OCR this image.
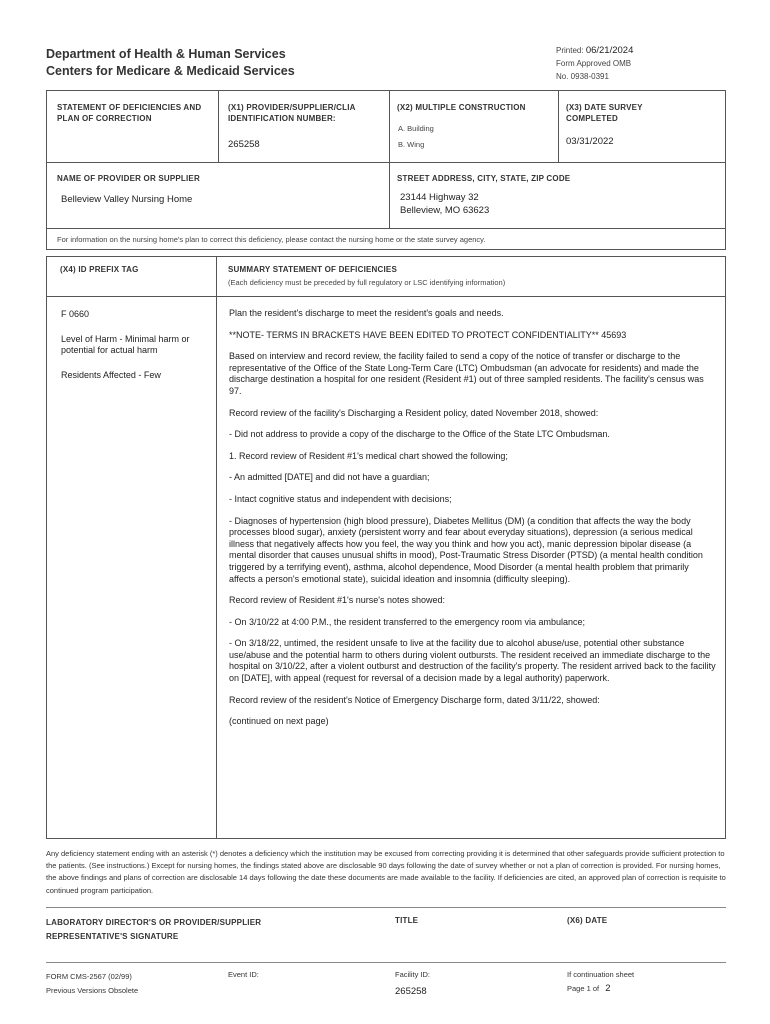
Department of Health & Human Services
Centers for Medicare & Medicaid Services
Printed: 06/21/2024
Form Approved OMB
No. 0938-0391
STATEMENT OF DEFICIENCIES AND PLAN OF CORRECTION
(X1) PROVIDER/SUPPLIER/CLIA IDENTIFICATION NUMBER:
265258
(X2) MULTIPLE CONSTRUCTION
A. Building
B. Wing
(X3) DATE SURVEY COMPLETED
03/31/2022
NAME OF PROVIDER OR SUPPLIER
Belleview Valley Nursing Home
STREET ADDRESS, CITY, STATE, ZIP CODE
23144 Highway 32
Belleview, MO 63623
For information on the nursing home's plan to correct this deficiency, please contact the nursing home or the state survey agency.
(X4) ID PREFIX TAG	SUMMARY STATEMENT OF DEFICIENCIES
(Each deficiency must be preceded by full regulatory or LSC identifying information)

F 0660

Level of Harm - Minimal harm or potential for actual harm

Residents Affected - Few

Plan the resident's discharge to meet the resident's goals and needs.

**NOTE- TERMS IN BRACKETS HAVE BEEN EDITED TO PROTECT CONFIDENTIALITY** 45693

Based on interview and record review, the facility failed to send a copy of the notice of transfer or discharge to the representative of the Office of the State Long-Term Care (LTC) Ombudsman (an advocate for residents) and made the discharge destination a hospital for one resident (Resident #1) out of three sampled residents. The facility's census was 97.

Record review of the facility's Discharging a Resident policy, dated November 2018, showed:

- Did not address to provide a copy of the discharge to the Office of the State LTC Ombudsman.

1. Record review of Resident #1's medical chart showed the following;

- An admitted [DATE] and did not have a guardian;

- Intact cognitive status and independent with decisions;

- Diagnoses of hypertension (high blood pressure), Diabetes Mellitus (DM) (a condition that affects the way the body processes blood sugar), anxiety (persistent worry and fear about everyday situations), depression (a serious medical illness that negatively affects how you feel, the way you think and how you act), manic depression bipolar disease (a mental disorder that causes unusual shifts in mood), Post-Traumatic Stress Disorder (PTSD) (a mental health condition triggered by a terrifying event), asthma, alcohol dependence, Mood Disorder (a mental health problem that primarily affects a person's emotional state), suicidal ideation and insomnia (difficulty sleeping).

Record review of Resident #1's nurse's notes showed:

- On 3/10/22 at 4:00 P.M., the resident transferred to the emergency room via ambulance;

- On 3/18/22, untimed, the resident unsafe to live at the facility due to alcohol abuse/use, potential other substance use/abuse and the potential harm to others during violent outbursts. The resident received an immediate discharge to the hospital on 3/10/22, after a violent outburst and destruction of the facility's property. The resident arrived back to the facility on [DATE], with appeal (request for reversal of a decision made by a legal authority) paperwork.

Record review of the resident's Notice of Emergency Discharge form, dated 3/11/22, showed:

(continued on next page)

Any deficiency statement ending with an asterisk (*) denotes a deficiency which the institution may be excused from correcting providing it is determined that other safeguards provide sufficient protection to the patients. (See instructions.) Except for nursing homes, the findings stated above are disclosable 90 days following the date of survey whether or not a plan of correction is provided. For nursing homes, the above findings and plans of correction are disclosable 14 days following the date these documents are made available to the facility. If deficiencies are cited, an approved plan of correction is requisite to continued program participation.
LABORATORY DIRECTOR'S OR PROVIDER/SUPPLIER REPRESENTATIVE'S SIGNATURE
TITLE	(X6) DATE
FORM CMS-2567 (02/99)
Previous Versions Obsolete
Event ID:	Facility ID:
265258
If continuation sheet
Page 1 of 2
